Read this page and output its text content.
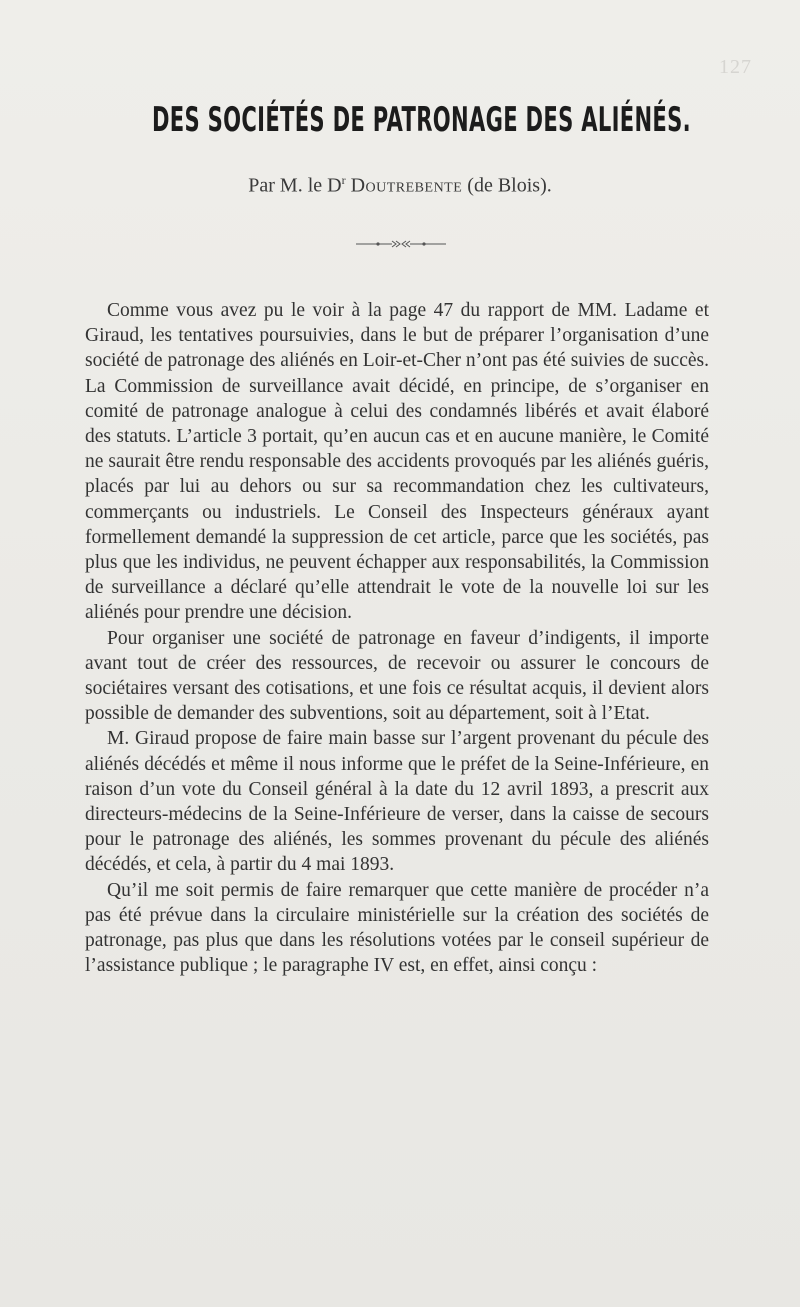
127
DES SOCIÉTÉS DE PATRONAGE DES ALIÉNÉS.
Par M. le $D^r$ Doutrebente (de Blois).

Comme vous avez pu le voir à la page 47 du rapport de MM. Ladame et Giraud, les tentatives poursuivies, dans le but de préparer l’organisation d’une société de patronage des aliénés en Loir-et-Cher n’ont pas été suivies de succès. La Commission de surveillance avait décidé, en principe, de s’organiser en comité de patronage analogue à celui des condamnés libérés et avait élaboré des statuts. L’article 3 portait, qu’en aucun cas et en aucune manière, le Comité ne saurait être rendu responsable des accidents provoqués par les aliénés guéris, placés par lui au dehors ou sur sa recommandation chez les cultivateurs, commerçants ou industriels. Le Conseil des Inspecteurs généraux ayant formellement demandé la suppression de cet article, parce que les sociétés, pas plus que les individus, ne peuvent échapper aux responsabilités, la Commission de surveillance a déclaré qu’elle attendrait le vote de la nouvelle loi sur les aliénés pour prendre une décision.

Pour organiser une société de patronage en faveur d’indigents, il importe avant tout de créer des ressources, de recevoir ou assurer le concours de sociétaires versant des cotisations, et une fois ce résultat acquis, il devient alors possible de demander des subventions, soit au département, soit à l’Etat.

M. Giraud propose de faire main basse sur l’argent provenant du pécule des aliénés décédés et même il nous informe que le préfet de la Seine-Inférieure, en raison d’un vote du Conseil général à la date du 12 avril 1893, a prescrit aux directeurs-médecins de la Seine-Inférieure de verser, dans la caisse de secours pour le patronage des aliénés, les sommes provenant du pécule des aliénés décédés, et cela, à partir du 4 mai 1893.

Qu’il me soit permis de faire remarquer que cette manière de procéder n’a pas été prévue dans la circulaire ministérielle sur la création des sociétés de patronage, pas plus que dans les résolutions votées par le conseil supérieur de l’assistance publique ; le paragraphe IV est, en effet, ainsi conçu :
